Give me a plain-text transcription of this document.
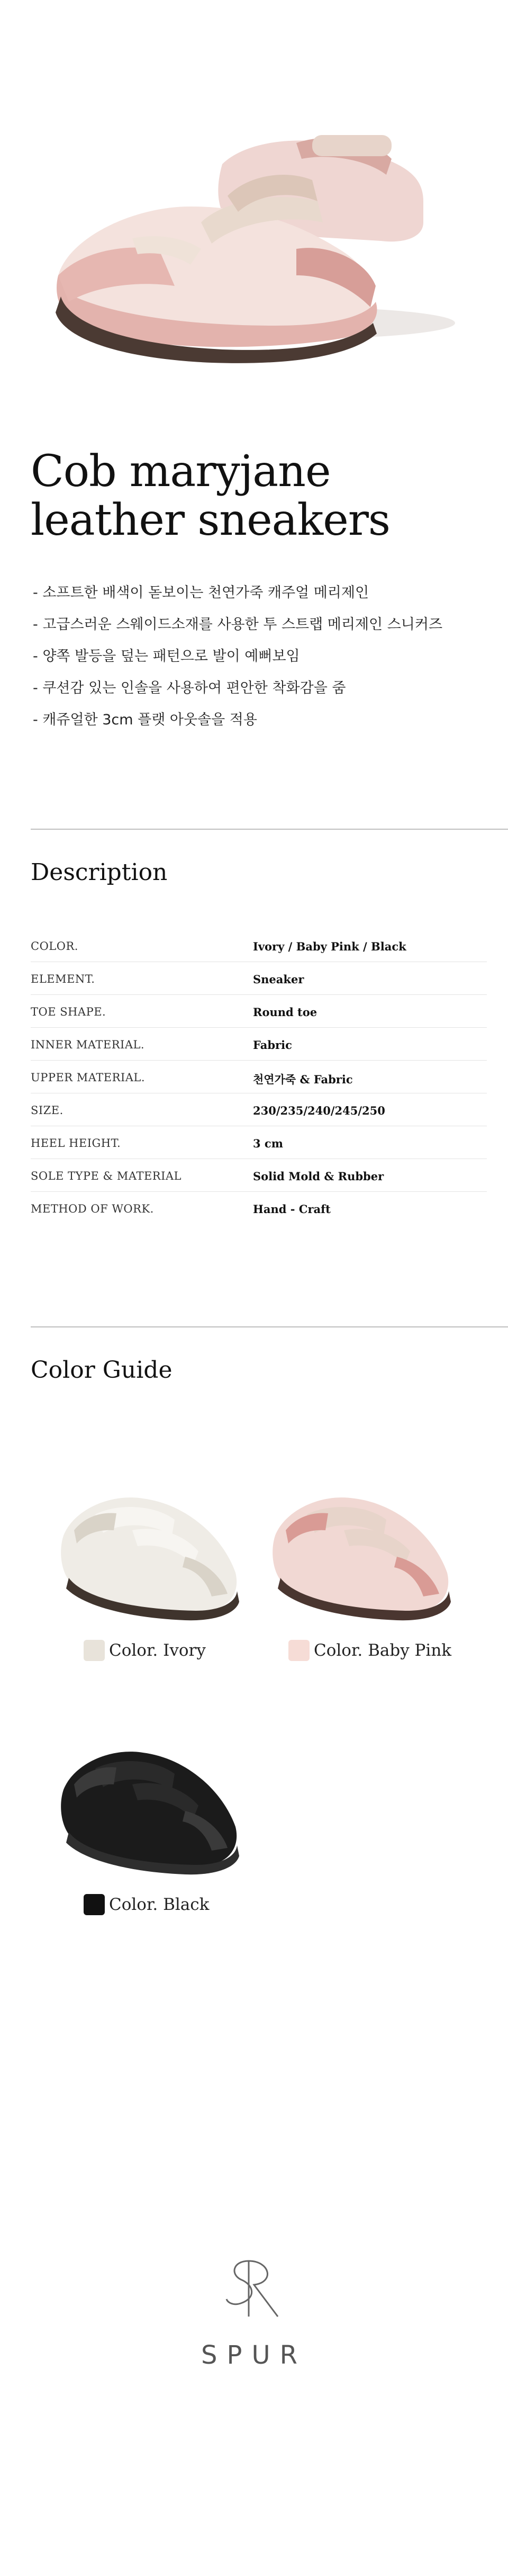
Cob maryjane
leather sneakers
- 소프트한 배색이 돋보이는 천연가죽 캐주얼 메리제인
- 고급스러운 스웨이드소재를 사용한 투 스트랩 메리제인 스니커즈
- 양쪽 발등을 덮는 패턴으로 발이 예뻐보임
- 쿠션감 있는 인솔을 사용하여 편안한 착화감을 줌
- 캐쥬얼한 3cm 플랫 아웃솔을 적용
Description
COLOR.	Ivory / Baby Pink / Black
ELEMENT.	Sneaker
TOE SHAPE.	Round toe
INNER MATERIAL.	Fabric
UPPER MATERIAL.	천연가죽 & Fabric
SIZE.	230/235/240/245/250
HEEL HEIGHT.	3 cm
SOLE TYPE & MATERIAL	Solid Mold & Rubber
METHOD OF WORK.	Hand - Craft
Color Guide
Color. Ivory	Color. Baby Pink
Color. Black
SPUR
